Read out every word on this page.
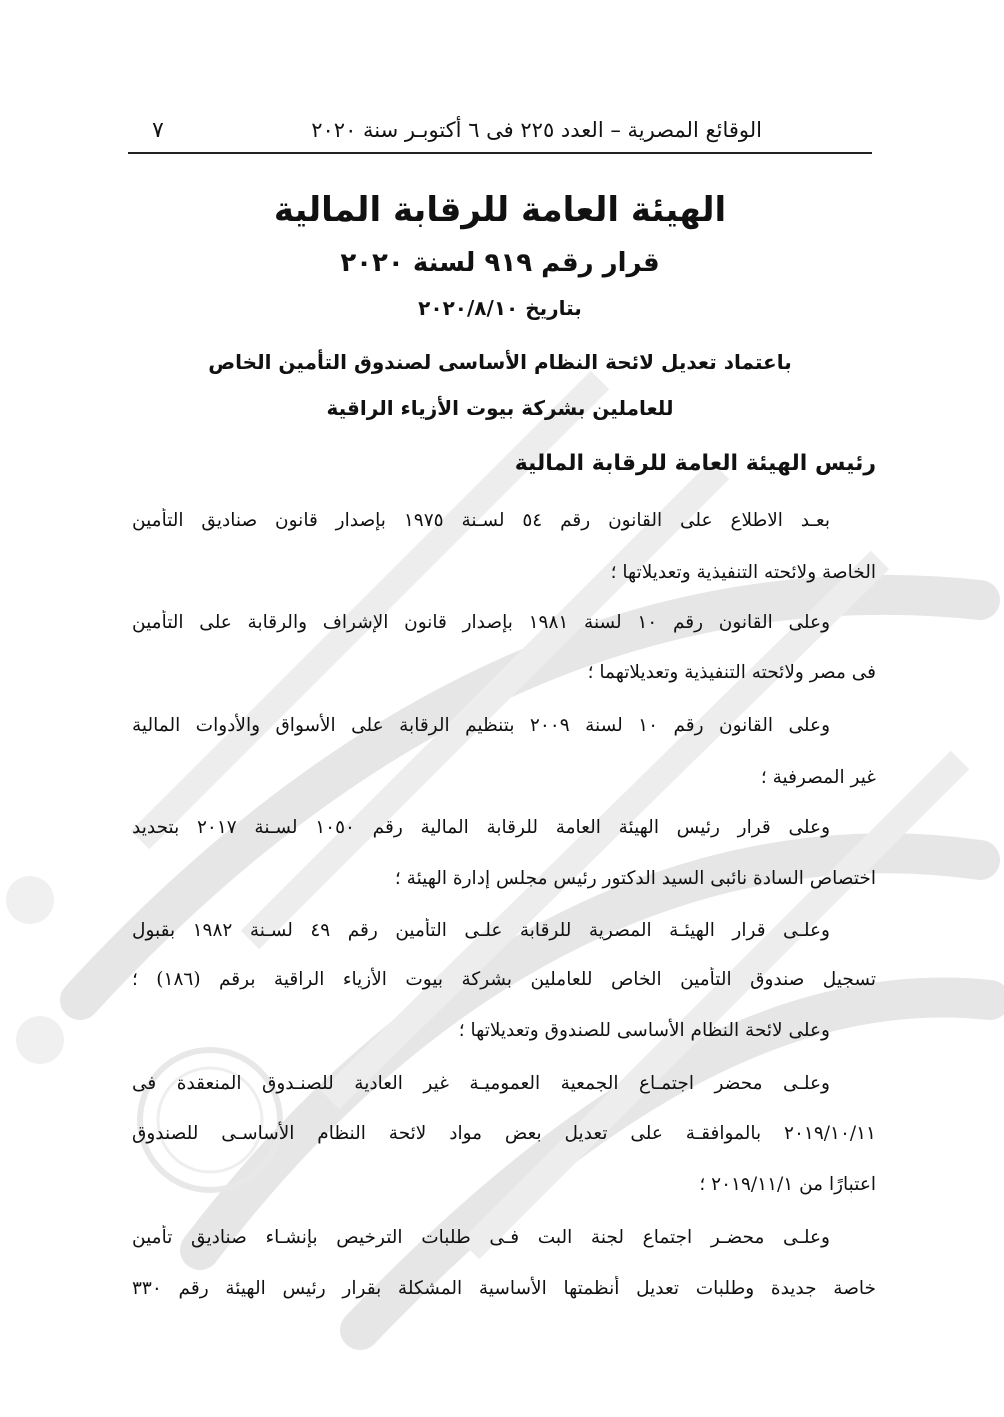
الوقائع المصرية – العدد ٢٢٥ فى ٦ أكتوبـر سنة ٢٠٢٠
٧
الهيئة العامة للرقابة المالية
قرار رقم ٩١٩ لسنة ٢٠٢٠
بتاريخ ٢٠٢٠/٨/١٠
باعتماد تعديل لائحة النظام الأساسى لصندوق التأمين الخاص
للعاملين بشركة بيوت الأزياء الراقية
رئيس الهيئة العامة للرقابة المالية
بعـد الاطلاع على القانون رقم ٥٤ لسـنة ١٩٧٥ بإصدار قانون صناديق التأمين
الخاصة ولائحته التنفيذية وتعديلاتها ؛
وعلى القانون رقم ١٠ لسنة ١٩٨١ بإصدار قانون الإشراف والرقابة على التأمين
فى مصر ولائحته التنفيذية وتعديلاتهما ؛
وعلى القانون رقم ١٠ لسنة ٢٠٠٩ بتنظيم الرقابة على الأسواق والأدوات المالية
غير المصرفية ؛
وعلى قرار رئيس الهيئة العامة للرقابة المالية رقم ١٠٥٠ لسـنة ٢٠١٧ بتحديد
اختصاص السادة نائبى السيد الدكتور رئيس مجلس إدارة الهيئة ؛
وعلـى قرار الهيئـة المصرية للرقابة علـى التأمين رقم ٤٩ لسـنة ١٩٨٢ بقبول
تسجيل صندوق التأمين الخاص للعاملين بشركة بيوت الأزياء الراقية برقم (١٨٦) ؛
وعلى لائحة النظام الأساسى للصندوق وتعديلاتها ؛
وعلـى محضر اجتمـاع الجمعية العموميـة غير العادية للصنـدوق المنعقدة فى
٢٠١٩/١٠/١١ بالموافقـة على تعديل بعض مواد لائحة النظام الأساسـى للصندوق
اعتبارًا من ٢٠١٩/١١/١ ؛
وعلـى محضـر اجتماع لجنة البت فـى طلبات الترخيص بإنشـاء صناديق تأمين
خاصة جديدة وطلبات تعديل أنظمتها الأساسية المشكلة بقرار رئيس الهيئة رقم ٣٣٠
